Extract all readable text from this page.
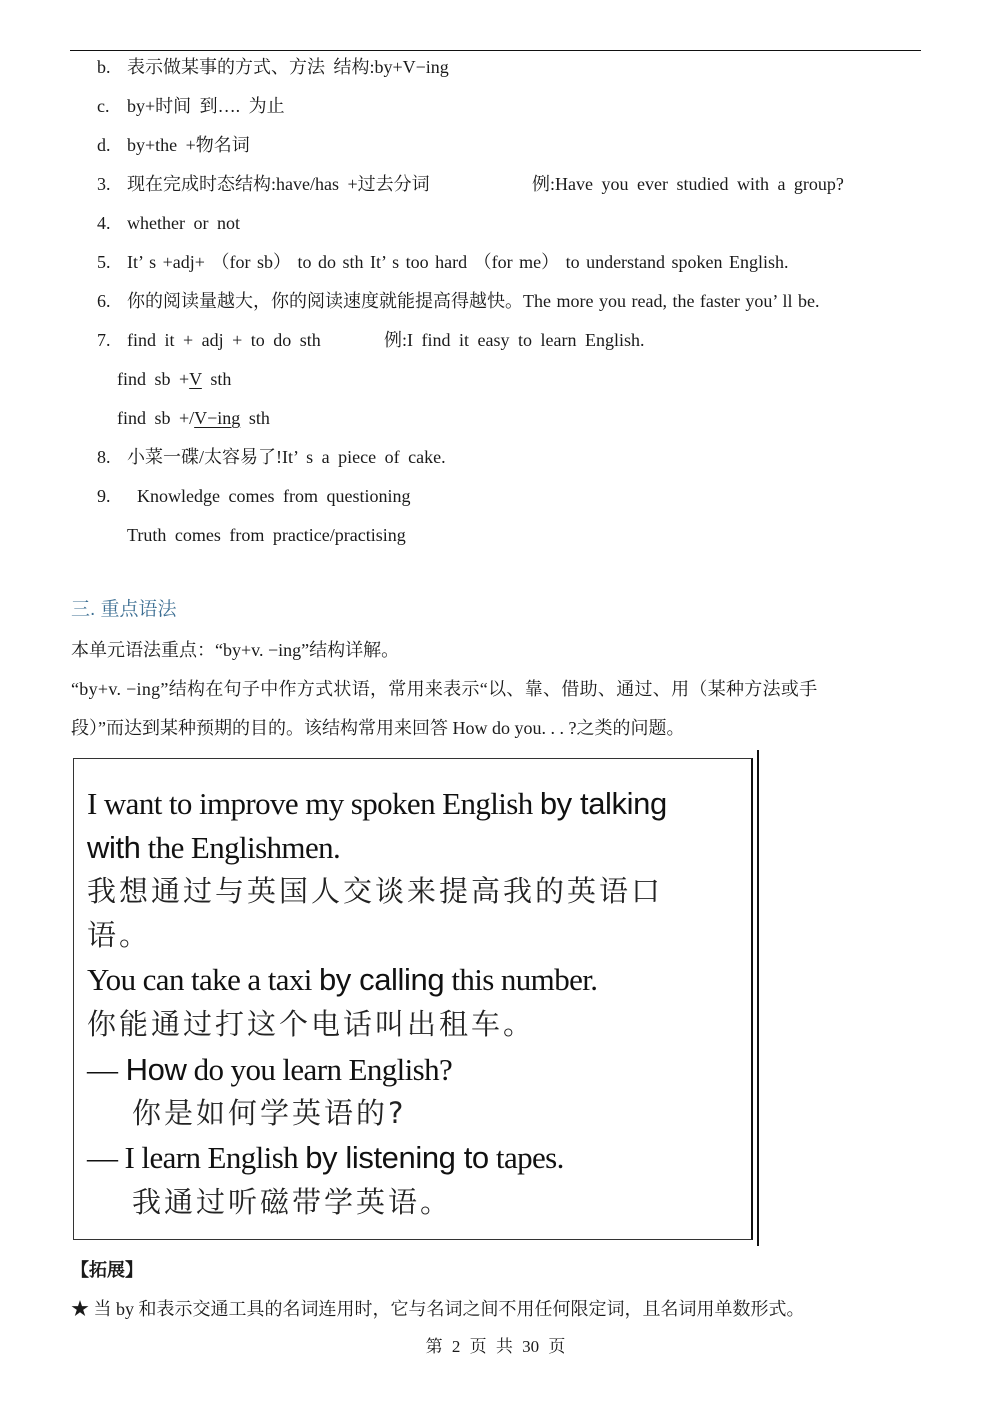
b. 表示做某事的方式、方法 结构:by+V−ing
c. by+时间 到…. 为止
d. by+the +物名词
3. 现在完成时态结构:have/has +过去分词	例:Have you ever studied with a group?
4. whether or not
5. It’ s +adj+ （for sb） to do sth It’ s too hard （for me） to understand spoken English.
6. 你的阅读量越大，你的阅读速度就能提高得越快。The more you read, the faster you’ ll be.
7. find it + adj + to do sth	例:I find it easy to learn English.
find sb +V sth
find sb +/V−ing sth
8. 小菜一碟/太容易了!It’ s a piece of cake.
9. Knowledge comes from questioning
Truth comes from practice/practising
三. 重点语法
本单元语法重点：“by+v. −ing”结构详解。
“by+v. −ing”结构在句子中作方式状语，常用来表示“以、靠、借助、通过、用（某种方法或手
段）”而达到某种预期的目的。该结构常用来回答 How do you. . . ?之类的问题。
I want to improve my spoken English by talking
with the Englishmen.
我想通过与英国人交谈来提高我的英语口
语。
You can take a taxi by calling this number.
你能通过打这个电话叫出租车。
— How do you learn English?
你是如何学英语的?
— I learn English by listening to tapes.
我通过听磁带学英语。
【拓展】
★ 当 by 和表示交通工具的名词连用时，它与名词之间不用任何限定词，且名词用单数形式。
第 2 页 共 30 页
